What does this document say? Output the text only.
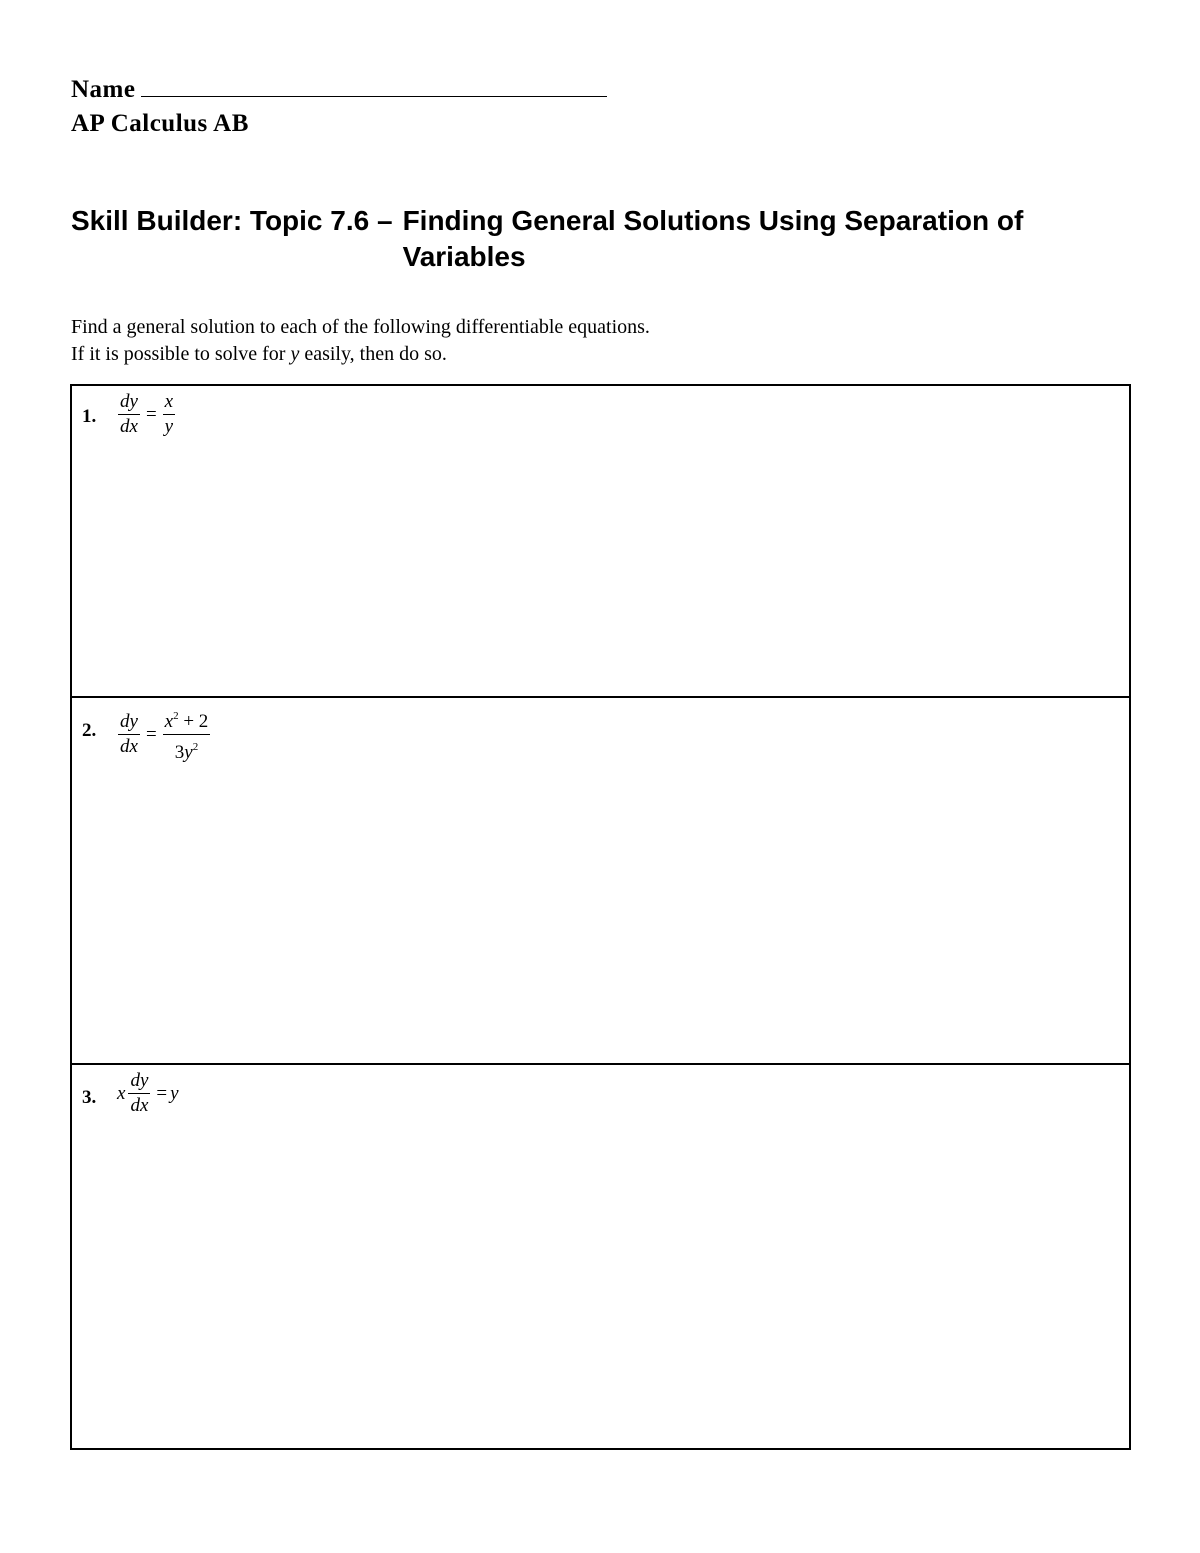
Name
AP Calculus AB
Skill Builder: Topic 7.6 – Finding General Solutions Using Separation of
Variables
Find a general solution to each of the following differentiable equations.
If it is possible to solve for y easily, then do so.
1. $\frac{dy}{dx} = \frac{x}{y}$
2. $\frac{dy}{dx} = \frac{x^2 + 2}{3y^2}$
3. x $\frac{dy}{dx} = y$
